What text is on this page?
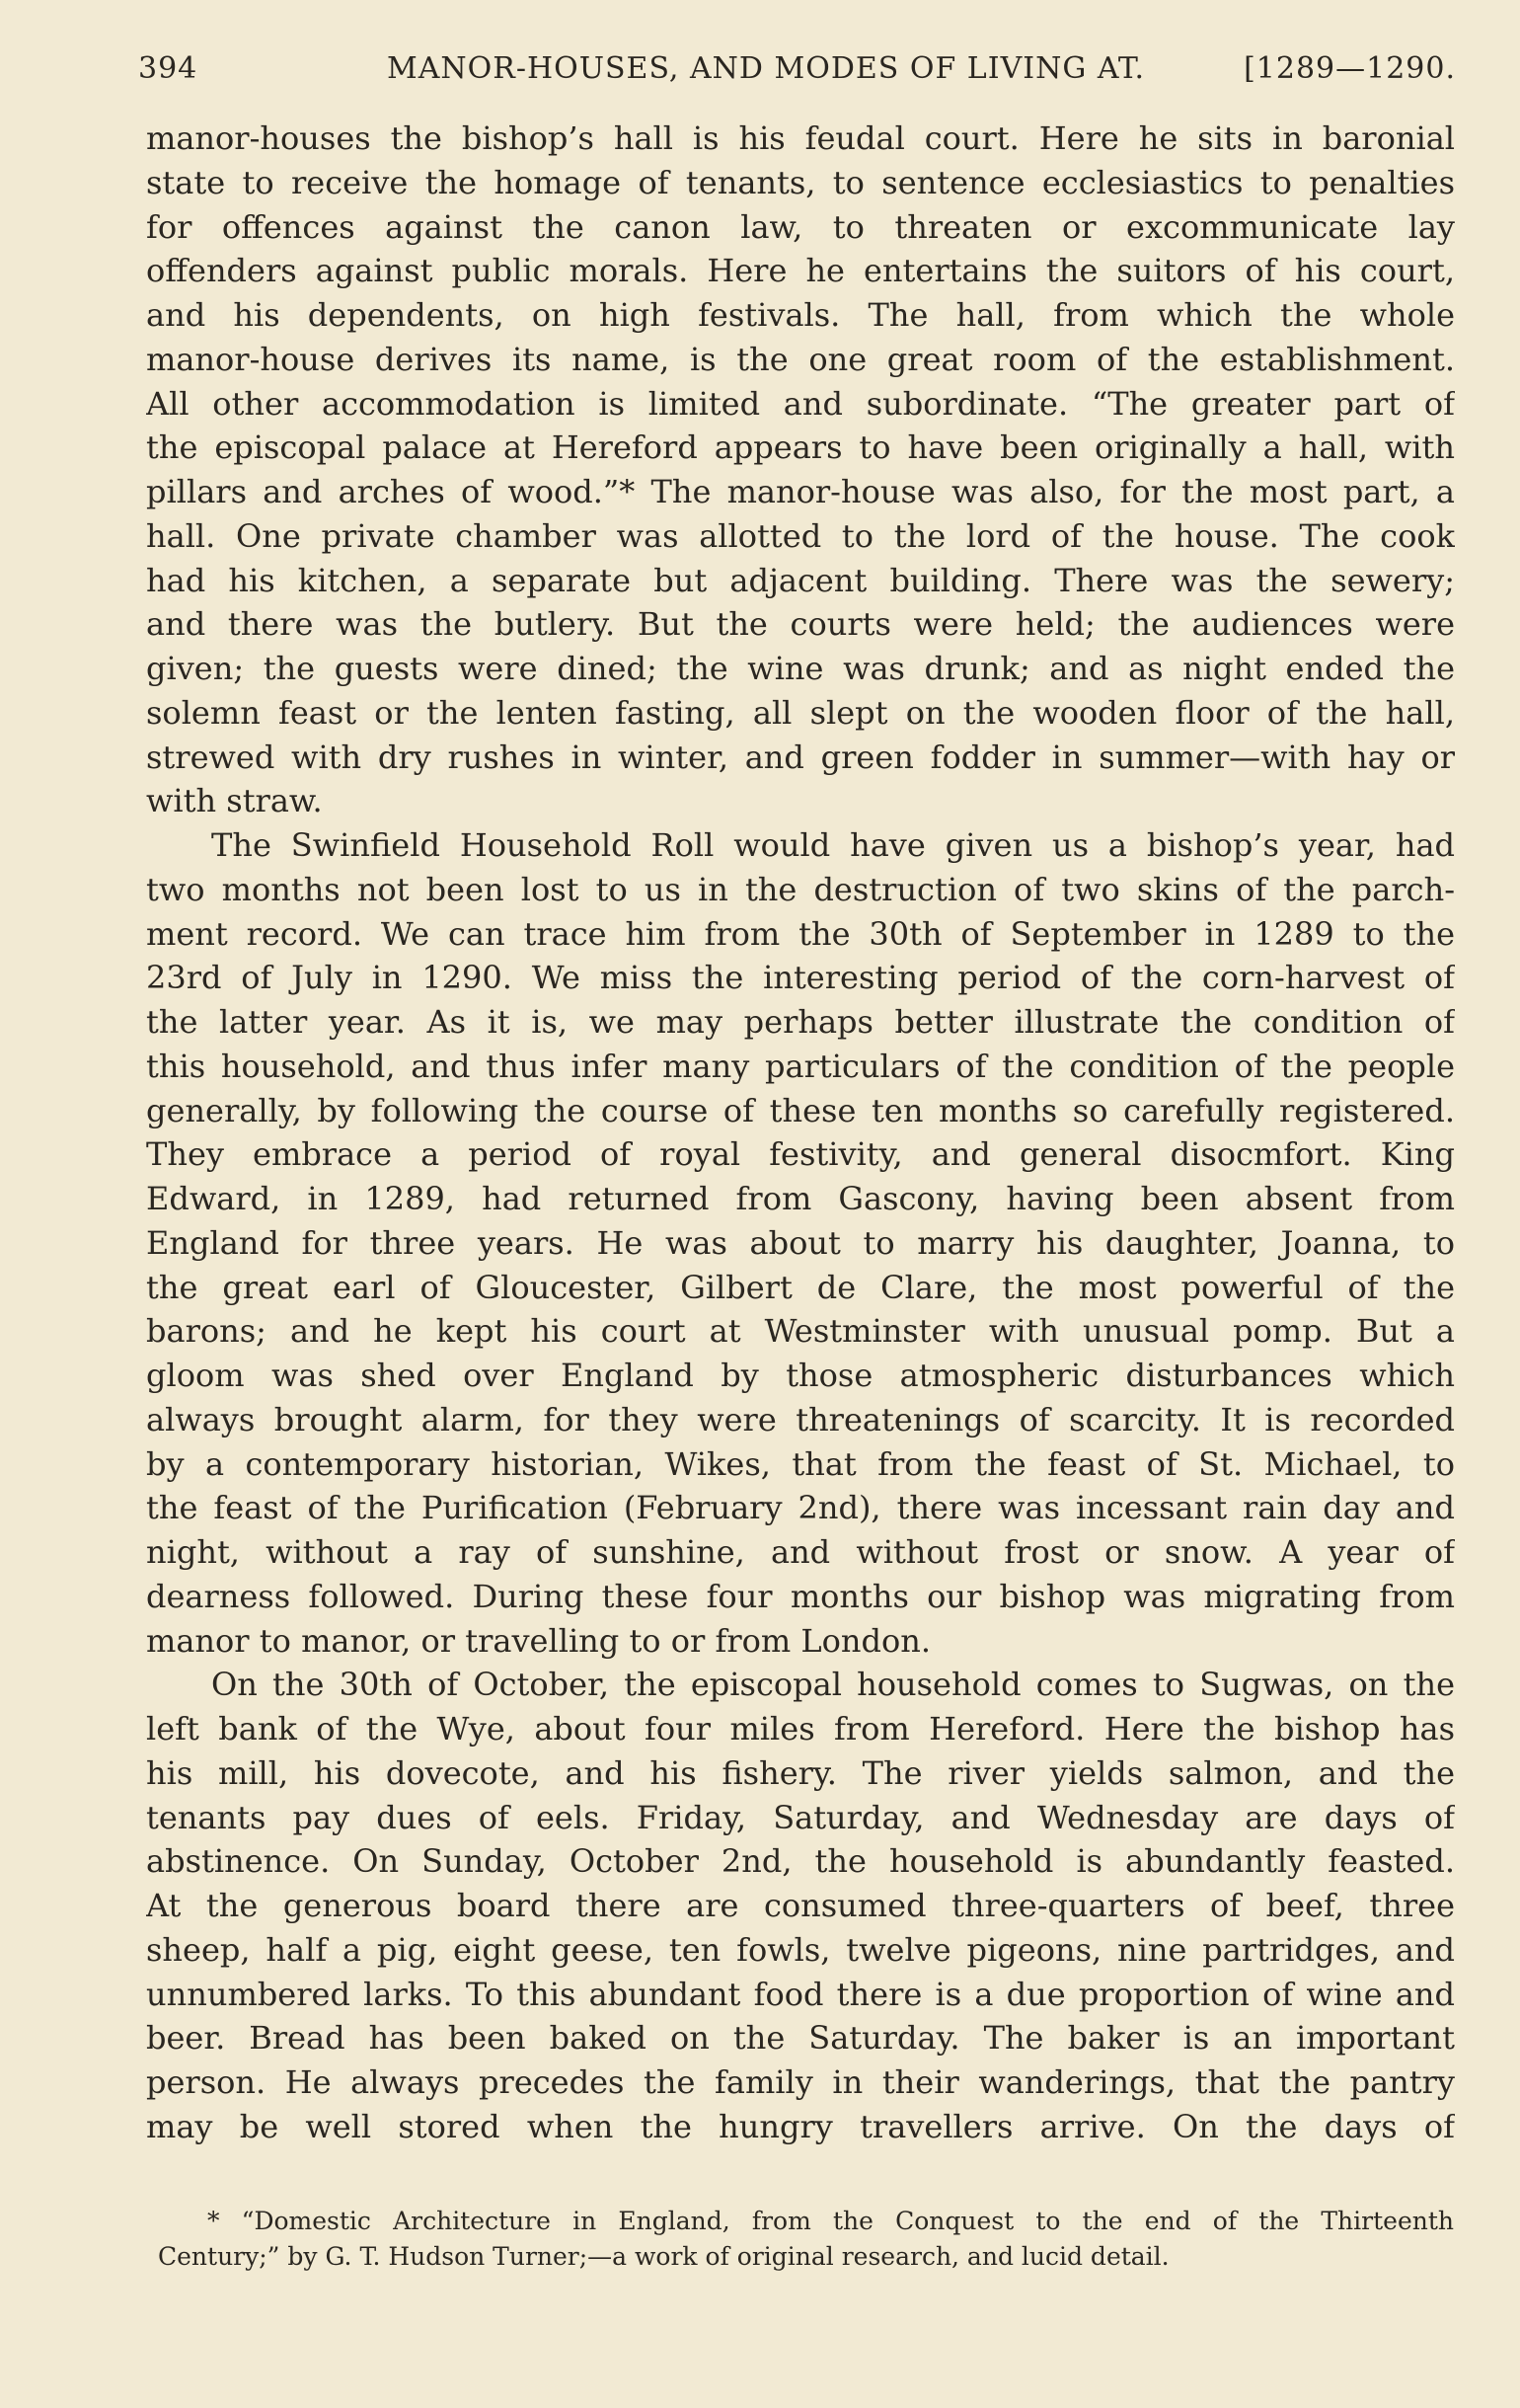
394	MANOR-HOUSES, AND MODES OF LIVING AT.	[1289—1290.
manor-houses the bishop’s hall is his feudal court. Here he sits in baronial
state to receive the homage of tenants, to sentence ecclesiastics to penalties
for offences against the canon law, to threaten or excommunicate lay
offenders against public morals. Here he entertains the suitors of his court,
and his dependents, on high festivals. The hall, from which the whole
manor-house derives its name, is the one great room of the establishment.
All other accommodation is limited and subordinate. “The greater part of
the episcopal palace at Hereford appears to have been originally a hall, with
pillars and arches of wood.”* The manor-house was also, for the most part, a
hall. One private chamber was allotted to the lord of the house. The cook
had his kitchen, a separate but adjacent building. There was the sewery;
and there was the butlery. But the courts were held; the audiences were
given; the guests were dined; the wine was drunk; and as night ended the
solemn feast or the lenten fasting, all slept on the wooden floor of the hall,
strewed with dry rushes in winter, and green fodder in summer—with hay or
with straw.
The Swinfield Household Roll would have given us a bishop’s year, had
two months not been lost to us in the destruction of two skins of the parch-
ment record. We can trace him from the 30th of September in 1289 to the
23rd of July in 1290. We miss the interesting period of the corn-harvest of
the latter year. As it is, we may perhaps better illustrate the condition of
this household, and thus infer many particulars of the condition of the people
generally, by following the course of these ten months so carefully registered.
They embrace a period of royal festivity, and general disocmfort. King
Edward, in 1289, had returned from Gascony, having been absent from
England for three years. He was about to marry his daughter, Joanna, to
the great earl of Gloucester, Gilbert de Clare, the most powerful of the
barons; and he kept his court at Westminster with unusual pomp. But a
gloom was shed over England by those atmospheric disturbances which
always brought alarm, for they were threatenings of scarcity. It is recorded
by a contemporary historian, Wikes, that from the feast of St. Michael, to
the feast of the Purification (February 2nd), there was incessant rain day and
night, without a ray of sunshine, and without frost or snow. A year of
dearness followed. During these four months our bishop was migrating from
manor to manor, or travelling to or from London.
On the 30th of October, the episcopal household comes to Sugwas, on the
left bank of the Wye, about four miles from Hereford. Here the bishop has
his mill, his dovecote, and his fishery. The river yields salmon, and the
tenants pay dues of eels. Friday, Saturday, and Wednesday are days of
abstinence. On Sunday, October 2nd, the household is abundantly feasted.
At the generous board there are consumed three-quarters of beef, three
sheep, half a pig, eight geese, ten fowls, twelve pigeons, nine partridges, and
unnumbered larks. To this abundant food there is a due proportion of wine and
beer. Bread has been baked on the Saturday. The baker is an important
person. He always precedes the family in their wanderings, that the pantry
may be well stored when the hungry travellers arrive. On the days of
* “Domestic Architecture in England, from the Conquest to the end of the Thirteenth
Century;” by G. T. Hudson Turner;—a work of original research, and lucid detail.
